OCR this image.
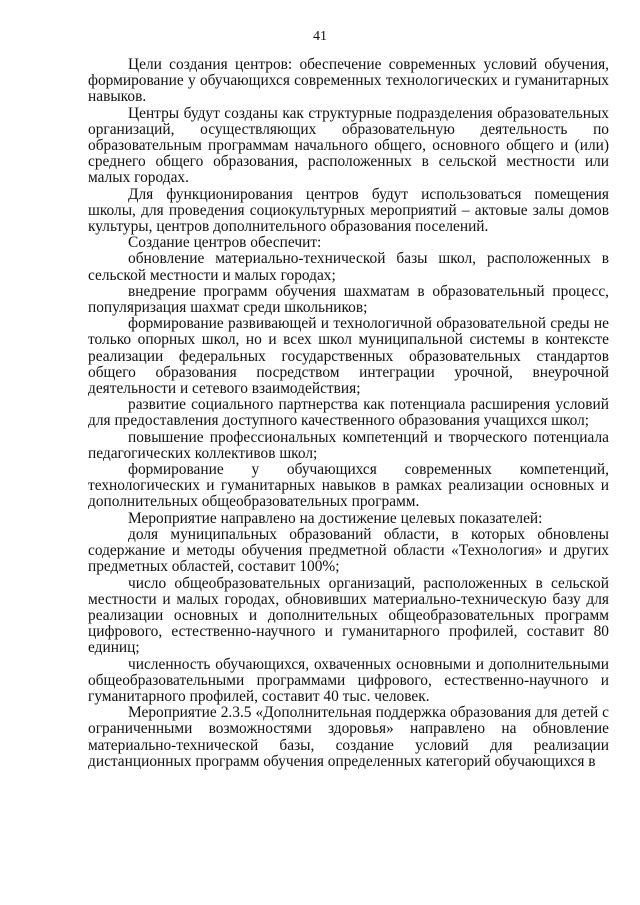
41

Цели создания центров: обеспечение современных условий обучения, формирование у обучающихся современных технологических и гуманитарных навыков.

Центры будут созданы как структурные подразделения образовательных организаций, осуществляющих образовательную деятельность по образовательным программам начального общего, основного общего и (или) среднего общего образования, расположенных в сельской местности или малых городах.

Для функционирования центров будут использоваться помещения школы, для проведения социокультурных мероприятий – актовые залы домов культуры, центров дополнительного образования поселений.

Создание центров обеспечит:

обновление материально-технической базы школ, расположенных в сельской местности и малых городах;

внедрение программ обучения шахматам в образовательный процесс, популяризация шахмат среди школьников;

формирование развивающей и технологичной образовательной среды не только опорных школ, но и всех школ муниципальной системы в контексте реализации федеральных государственных образовательных стандартов общего образования посредством интеграции урочной, внеурочной деятельности и сетевого взаимодействия;

развитие социального партнерства как потенциала расширения условий для предоставления доступного качественного образования учащихся школ;

повышение профессиональных компетенций и творческого потенциала педагогических коллективов школ;

формирование у обучающихся современных компетенций, технологических и гуманитарных навыков в рамках реализации основных и дополнительных общеобразовательных программ.

Мероприятие направлено на достижение целевых показателей:

доля муниципальных образований области, в которых обновлены содержание и методы обучения предметной области «Технология» и других предметных областей, составит 100%;

число общеобразовательных организаций, расположенных в сельской местности и малых городах, обновивших материально-техническую базу для реализации основных и дополнительных общеобразовательных программ цифрового, естественно-научного и гуманитарного профилей, составит 80 единиц;

численность обучающихся, охваченных основными и дополнительными общеобразовательными программами цифрового, естественно-научного и гуманитарного профилей, составит 40 тыс. человек.

Мероприятие 2.3.5 «Дополнительная поддержка образования для детей с ограниченными возможностями здоровья» направлено на обновление материально-технической базы, создание условий для реализации дистанционных программ обучения определенных категорий обучающихся в
